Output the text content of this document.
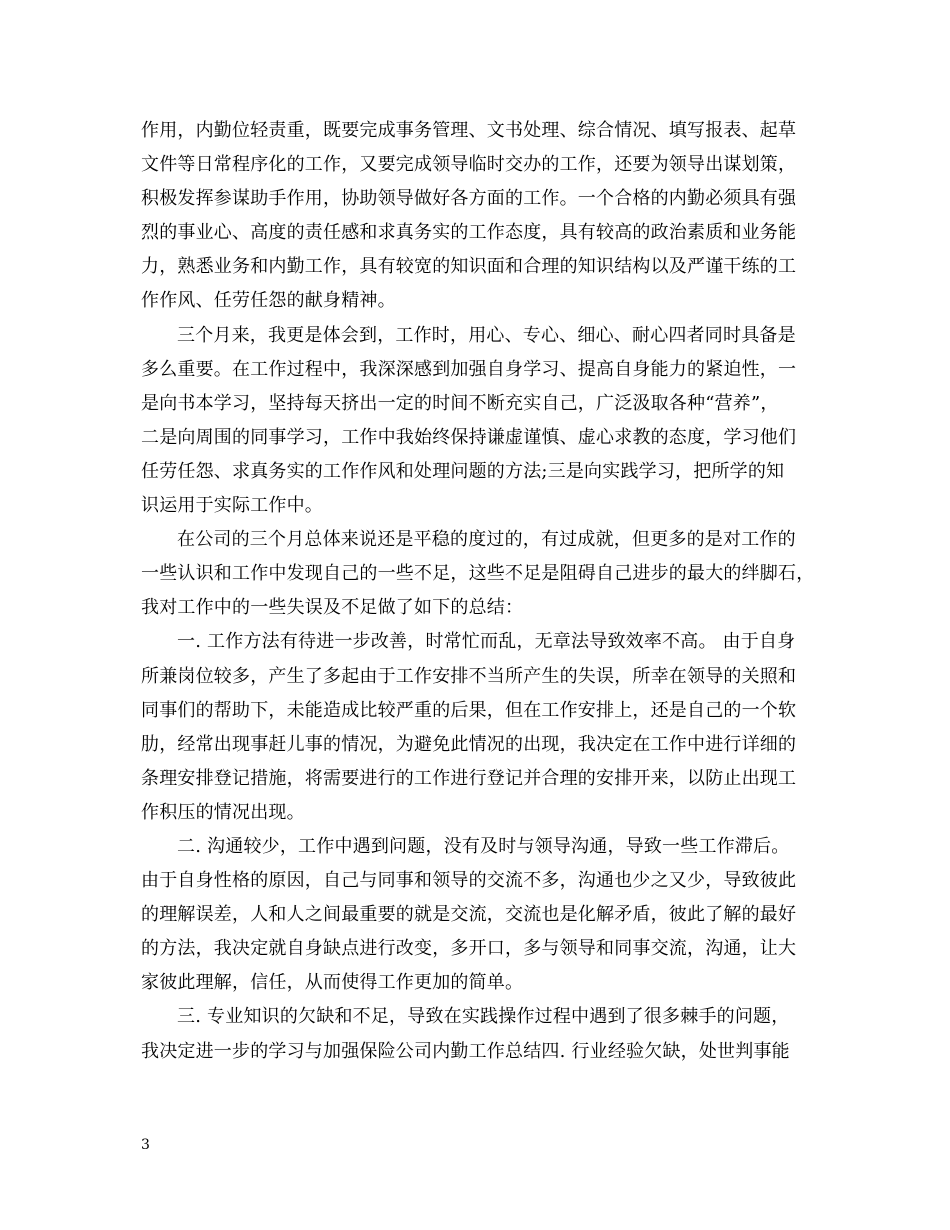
作用，内勤位轻责重，既要完成事务管理、文书处理、综合情况、填写报表、起草
文件等日常程序化的工作，又要完成领导临时交办的工作，还要为领导出谋划策，
积极发挥参谋助手作用，协助领导做好各方面的工作。一个合格的内勤必须具有强
烈的事业心、高度的责任感和求真务实的工作态度，具有较高的政治素质和业务能
力，熟悉业务和内勤工作，具有较宽的知识面和合理的知识结构以及严谨干练的工
作作风、任劳任怨的献身精神。
三个月来，我更是体会到，工作时，用心、专心、细心、耐心四者同时具备是
多么重要。在工作过程中，我深深感到加强自身学习、提高自身能力的紧迫性，一
是向书本学习，坚持每天挤出一定的时间不断充实自己，广泛汲取各种“营养”，
二是向周围的同事学习，工作中我始终保持谦虚谨慎、虚心求教的态度，学习他们
任劳任怨、求真务实的工作作风和处理问题的方法;三是向实践学习，把所学的知
识运用于实际工作中。
在公司的三个月总体来说还是平稳的度过的，有过成就，但更多的是对工作的
一些认识和工作中发现自己的一些不足，这些不足是阻碍自己进步的最大的绊脚石，
我对工作中的一些失误及不足做了如下的总结：
一. 工作方法有待进一步改善，时常忙而乱，无章法导致效率不高。 由于自身
所兼岗位较多，产生了多起由于工作安排不当所产生的失误，所幸在领导的关照和
同事们的帮助下，未能造成比较严重的后果，但在工作安排上，还是自己的一个软
肋，经常出现事赶儿事的情况，为避免此情况的出现，我决定在工作中进行详细的
条理安排登记措施，将需要进行的工作进行登记并合理的安排开来，以防止出现工
作积压的情况出现。
二. 沟通较少，工作中遇到问题，没有及时与领导沟通，导致一些工作滞后。
由于自身性格的原因，自己与同事和领导的交流不多，沟通也少之又少，导致彼此
的理解误差，人和人之间最重要的就是交流，交流也是化解矛盾，彼此了解的最好
的方法，我决定就自身缺点进行改变，多开口，多与领导和同事交流，沟通，让大
家彼此理解，信任，从而使得工作更加的简单。
三. 专业知识的欠缺和不足，导致在实践操作过程中遇到了很多棘手的问题，
我决定进一步的学习与加强保险公司内勤工作总结四. 行业经验欠缺，处世判事能
3
